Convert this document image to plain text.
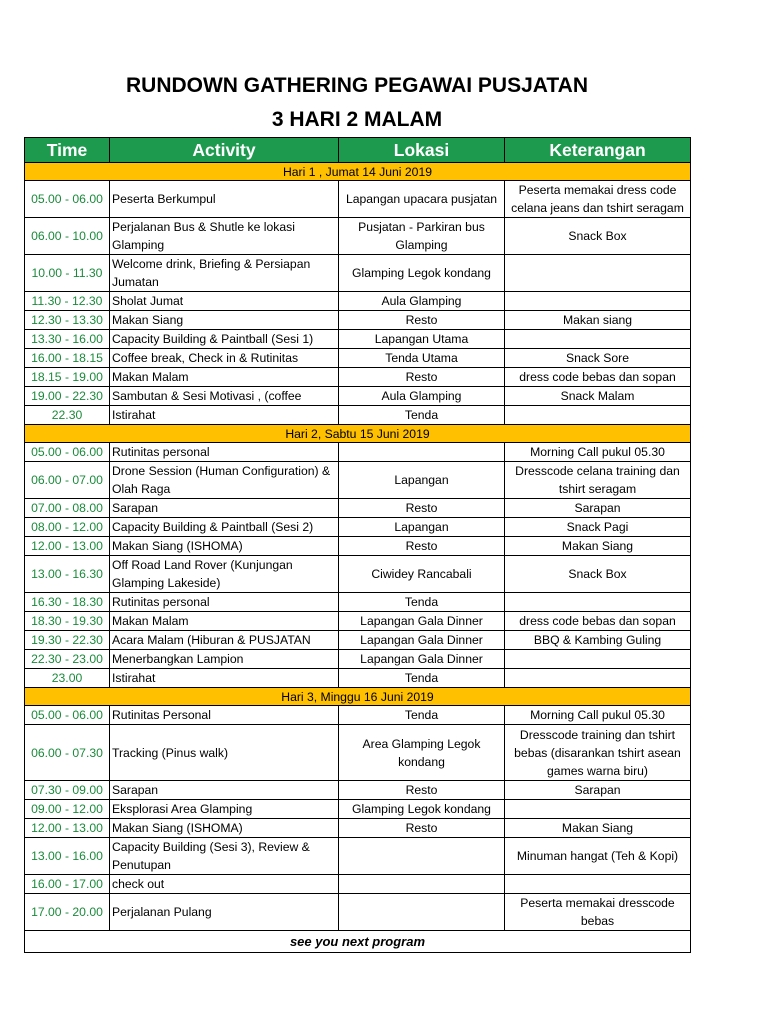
RUNDOWN GATHERING PEGAWAI PUSJATAN
3 HARI 2 MALAM
Time	Activity	Lokasi	Keterangan
Hari 1 , Jumat 14 Juni 2019			
05.00 - 06.00	Peserta Berkumpul	Lapangan upacara pusjatan	Peserta memakai dress code celana jeans dan tshirt seragam
06.00 - 10.00	Perjalanan Bus & Shutle ke lokasi Glamping	Pusjatan - Parkiran bus Glamping	Snack Box
10.00 - 11.30	Welcome drink, Briefing & Persiapan Jumatan	Glamping Legok kondang	
11.30 - 12.30	Sholat Jumat	Aula Glamping	
12.30 - 13.30	Makan Siang	Resto	Makan siang
13.30 - 16.00	Capacity Building & Paintball (Sesi 1)	Lapangan Utama	
16.00 - 18.15	Coffee break, Check in & Rutinitas	Tenda Utama	Snack Sore
18.15 - 19.00	Makan Malam	Resto	dress code bebas dan sopan
19.00 - 22.30	Sambutan & Sesi Motivasi , (coffee	Aula Glamping	Snack Malam
22.30	Istirahat	Tenda	
Hari 2, Sabtu 15 Juni 2019			
05.00 - 06.00	Rutinitas personal		Morning Call pukul 05.30
06.00 - 07.00	Drone Session (Human Configuration) & Olah Raga	Lapangan	Dresscode celana training dan tshirt seragam
07.00 - 08.00	Sarapan	Resto	Sarapan
08.00 - 12.00	Capacity Building & Paintball (Sesi 2)	Lapangan	Snack Pagi
12.00 - 13.00	Makan Siang (ISHOMA)	Resto	Makan Siang
13.00 - 16.30	Off Road Land Rover (Kunjungan Glamping Lakeside)	Ciwidey Rancabali	Snack Box
16.30 - 18.30	Rutinitas personal	Tenda	
18.30 - 19.30	Makan Malam	Lapangan Gala Dinner	dress code bebas dan sopan
19.30 - 22.30	Acara Malam (Hiburan & PUSJATAN	Lapangan Gala Dinner	BBQ & Kambing Guling
22.30 - 23.00	Menerbangkan Lampion	Lapangan Gala Dinner	
23.00	Istirahat	Tenda	
Hari 3, Minggu 16 Juni 2019			
05.00 - 06.00	Rutinitas Personal	Tenda	Morning Call pukul 05.30
06.00 - 07.30	Tracking (Pinus walk)	Area Glamping Legok kondang	Dresscode training dan tshirt bebas (disarankan tshirt asean games warna biru)
07.30 - 09.00	Sarapan	Resto	Sarapan
09.00 - 12.00	Eksplorasi Area Glamping	Glamping Legok kondang	
12.00 - 13.00	Makan Siang (ISHOMA)	Resto	Makan Siang
13.00 - 16.00	Capacity Building (Sesi 3), Review & Penutupan		Minuman hangat (Teh & Kopi)
16.00 - 17.00	check out		
17.00 - 20.00	Perjalanan Pulang		Peserta memakai dresscode bebas
see you next program			
